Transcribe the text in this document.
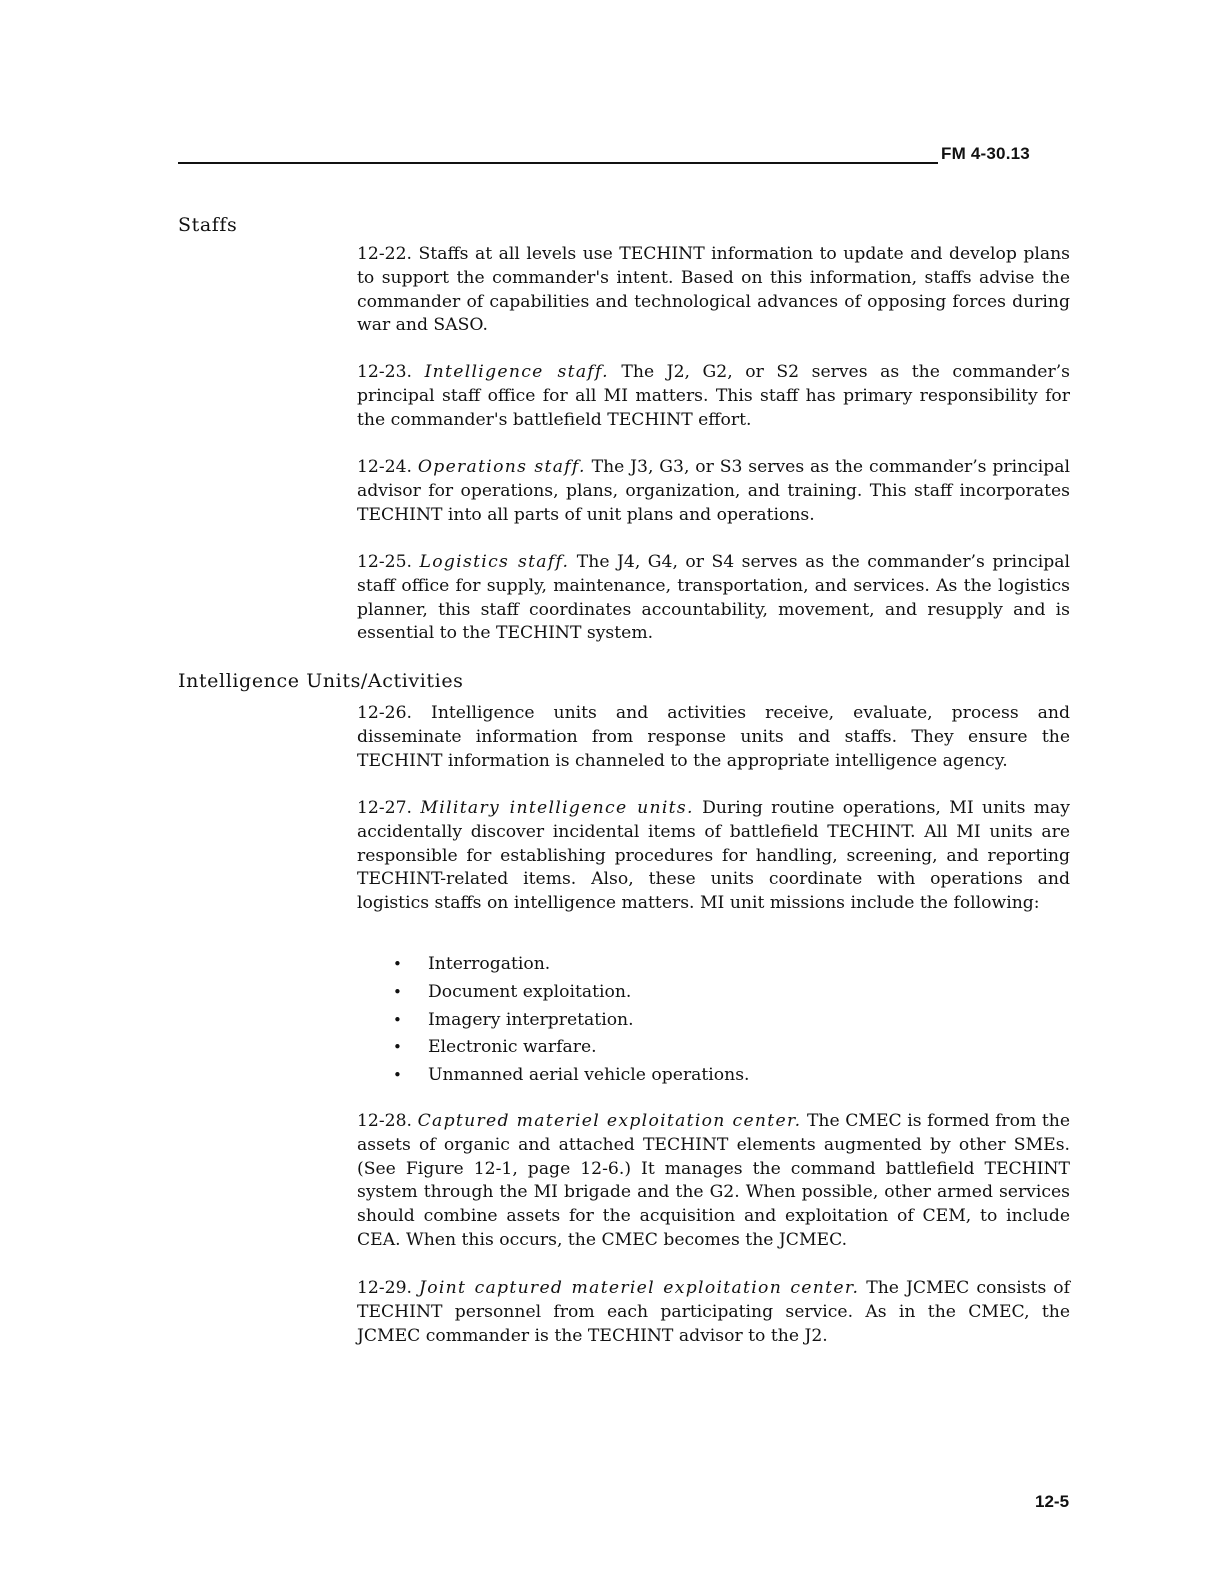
FM 4-30.13
Staffs

12-22. Staffs at all levels use TECHINT information to update and develop plans to support the commander's intent. Based on this information, staffs advise the commander of capabilities and technological advances of opposing forces during war and SASO.

12-23. Intelligence staff. The J2, G2, or S2 serves as the commander’s principal staff office for all MI matters. This staff has primary responsibility for the commander's battlefield TECHINT effort.

12-24. Operations staff. The J3, G3, or S3 serves as the commander’s principal advisor for operations, plans, organization, and training. This staff incorporates TECHINT into all parts of unit plans and operations.

12-25. Logistics staff. The J4, G4, or S4 serves as the commander’s principal staff office for supply, maintenance, transportation, and services. As the logistics planner, this staff coordinates accountability, movement, and resupply and is essential to the TECHINT system.

Intelligence Units/Activities

12-26. Intelligence units and activities receive, evaluate, process and disseminate information from response units and staffs. They ensure the TECHINT information is channeled to the appropriate intelligence agency.

12-27. Military intelligence units. During routine operations, MI units may accidentally discover incidental items of battlefield TECHINT. All MI units are responsible for establishing procedures for handling, screening, and reporting TECHINT-related items. Also, these units coordinate with operations and logistics staffs on intelligence matters. MI unit missions include the following:

• Interrogation.
• Document exploitation.
• Imagery interpretation.
• Electronic warfare.
• Unmanned aerial vehicle operations.

12-28. Captured materiel exploitation center. The CMEC is formed from the assets of organic and attached TECHINT elements augmented by other SMEs. (See Figure 12-1, page 12-6.) It manages the command battlefield TECHINT system through the MI brigade and the G2. When possible, other armed services should combine assets for the acquisition and exploitation of CEM, to include CEA. When this occurs, the CMEC becomes the JCMEC.

12-29. Joint captured materiel exploitation center. The JCMEC consists of TECHINT personnel from each participating service. As in the CMEC, the JCMEC commander is the TECHINT advisor to the J2.

12-5
